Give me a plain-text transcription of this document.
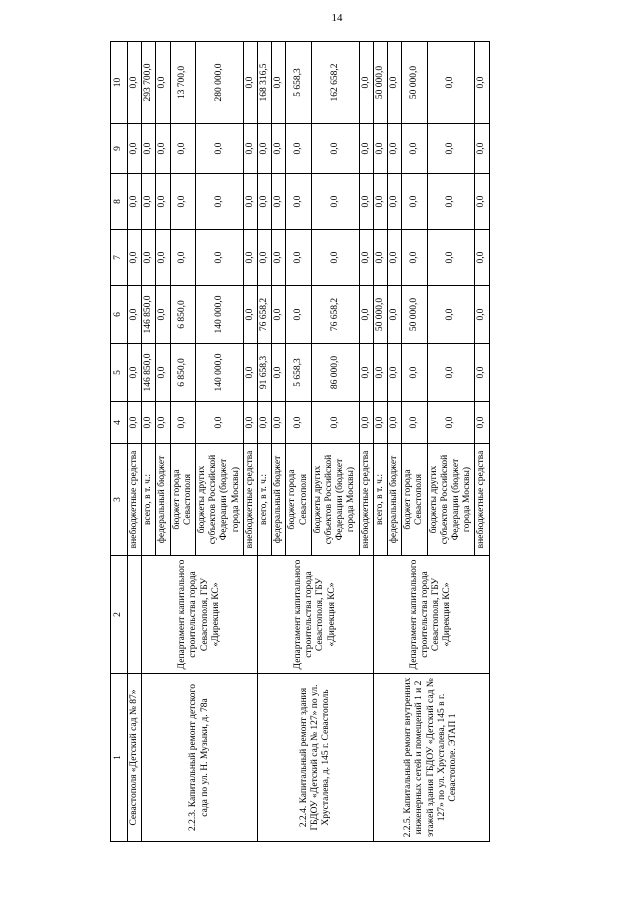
14
1	2	3	4	5	6	7	8	9	10
Севастополя «Детский сад № 87»		внебюджетные средства	0,0	0,0	0,0	0,0	0,0	0,0	0,0
2.2.3. Капитальный ремонт детского сада по ул. Н. Музыки, д. 78а	Департамент капитального строительства города Севастополя, ГБУ «Дирекция КС»	всего, в т. ч.:	0,0	146 850,0	146 850,0	0,0	0,0	0,0	293 700,0
		федеральный бюджет	0,0	0,0	0,0	0,0	0,0	0,0	0,0
		бюджет города Севастополя	0,0	6 850,0	6 850,0	0,0	0,0	0,0	13 700,0
		бюджеты других субъектов Российской Федерации (бюджет города Москвы)	0,0	140 000,0	140 000,0	0,0	0,0	0,0	280 000,0
		внебюджетные средства	0,0	0,0	0,0	0,0	0,0	0,0	0,0
2.2.4. Капитальный ремонт здания ГБДОУ «Детский сад № 127» по ул. Хрусталева, д. 145 г. Севастополь	Департамент капитального строительства города Севастополя, ГБУ «Дирекция КС»	всего, в т. ч.:	0,0	91 658,3	76 658,2	0,0	0,0	0,0	168 316,5
		федеральный бюджет	0,0	0,0	0,0	0,0	0,0	0,0	0,0
		бюджет города Севастополя	0,0	5 658,3	0,0	0,0	0,0	0,0	5 658,3
		бюджеты других субъектов Российской Федерации (бюджет города Москвы)	0,0	86 000,0	76 658,2	0,0	0,0	0,0	162 658,2
		внебюджетные средства	0,0	0,0	0,0	0,0	0,0	0,0	0,0
2.2.5. Капитальный ремонт внутренних инженерных сетей и помещений 1 и 2 этажей здания ГБДОУ «Детский сад № 127» по ул. Хрусталева, 145 в г. Севастополе. ЭТАП 1	Департамент капитального строительства города Севастополя, ГБУ «Дирекция КС»	всего, в т. ч.:	0,0	0,0	50 000,0	0,0	0,0	0,0	50 000,0
		федеральный бюджет	0,0	0,0	0,0	0,0	0,0	0,0	0,0
		бюджет города Севастополя	0,0	0,0	50 000,0	0,0	0,0	0,0	50 000,0
		бюджеты других субъектов Российской Федерации (бюджет города Москвы)	0,0	0,0	0,0	0,0	0,0	0,0	0,0
		внебюджетные средства	0,0	0,0	0,0	0,0	0,0	0,0	0,0
